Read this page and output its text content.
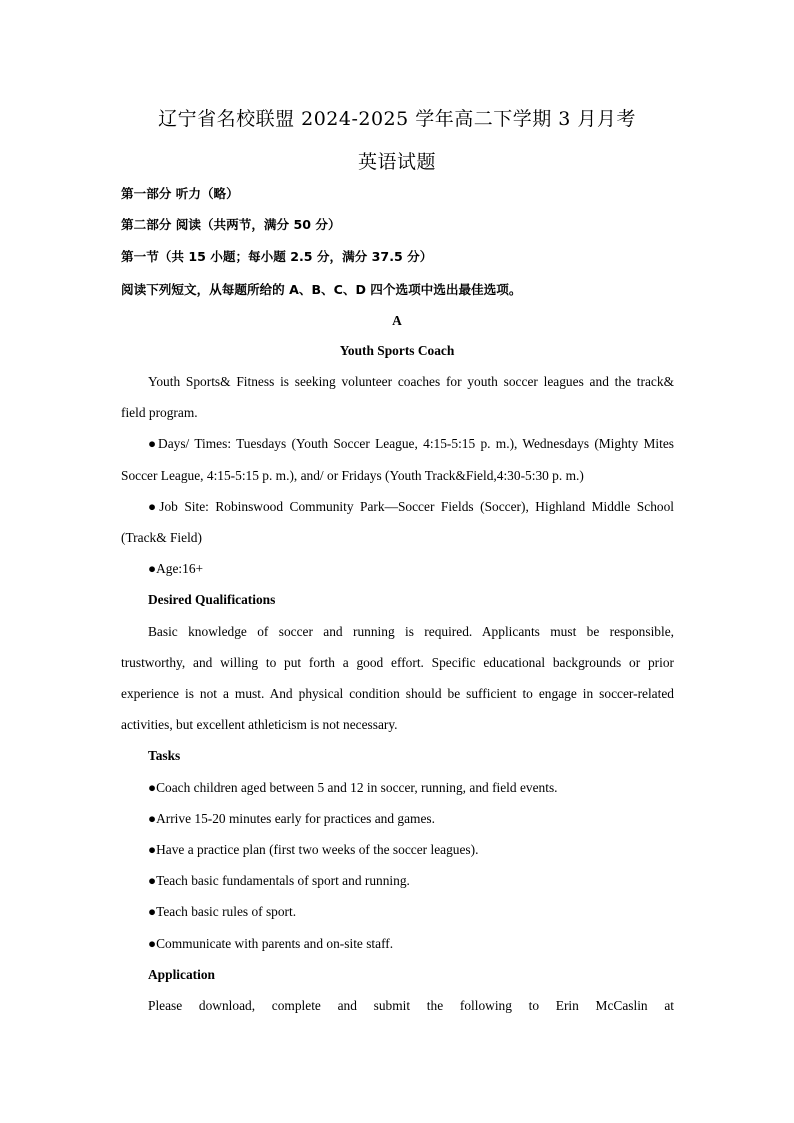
辽宁省名校联盟 2024-2025 学年高二下学期 3 月月考
英语试题
第一部分 听力（略）
第二部分 阅读（共两节，满分 50 分）
第一节（共 15 小题；每小题 2.5 分，满分 37.5 分）
阅读下列短文，从每题所给的 A、B、C、D 四个选项中选出最佳选项。
A
Youth Sports Coach
Youth Sports& Fitness is seeking volunteer coaches for youth soccer leagues and the track&
field program.
●Days/ Times: Tuesdays (Youth Soccer League, 4:15-5:15 p. m.), Wednesdays (Mighty Mites
Soccer League, 4:15-5:15 p. m.), and/ or Fridays (Youth Track&Field,4:30-5:30 p. m.)
●Job Site: Robinswood Community Park—Soccer Fields (Soccer), Highland Middle School
(Track& Field)
●Age:16+
Desired Qualifications
Basic knowledge of soccer and running is required. Applicants must be responsible,
trustworthy, and willing to put forth a good effort. Specific educational backgrounds or prior
experience is not a must. And physical condition should be sufficient to engage in soccer-related
activities, but excellent athleticism is not necessary.
Tasks
●Coach children aged between 5 and 12 in soccer, running, and field events.
●Arrive 15-20 minutes early for practices and games.
●Have a practice plan (first two weeks of the soccer leagues).
●Teach basic fundamentals of sport and running.
●Teach basic rules of sport.
●Communicate with parents and on-site staff.
Application
Please download, complete and submit the following to Erin McCaslin at
